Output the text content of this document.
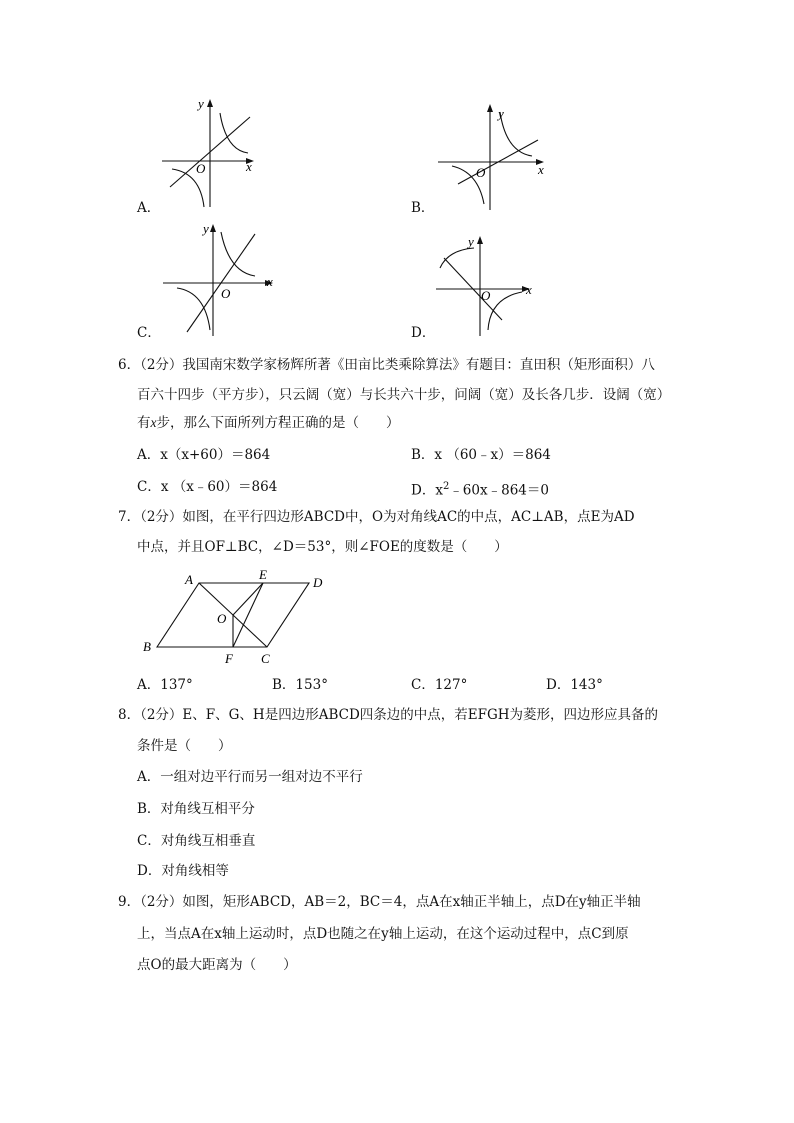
y
x
O
A．
y
x
O
B．
y
x
O
C．
y
x
O
D．
6．（2分）我国南宋数学家杨辉所著《田亩比类乘除算法》有题目：直田积（矩形面积）八
百六十四步（平方步），只云阔（宽）与长共六十步，问阔（宽）及长各几步．设阔（宽）
有x步，那么下面所列方程正确的是（　　）
A．x（x+60）＝864	B．x （60﹣x）＝864
C．x （x﹣60）＝864	D．$x^2﹣60x﹣864=0$
7．（2分）如图，在平行四边形ABCD中，O为对角线AC的中点，AC⊥AB，点E为AD
中点，并且OF⊥BC，∠D＝53°，则∠FOE的度数是（　　）
A	E
D
O
B
F C
A．137°	B．153°	C．127°	D．143°
8．（2分）E、F、G、H是四边形ABCD四条边的中点，若EFGH为菱形，四边形应具备的
条件是（　　）
A．一组对边平行而另一组对边不平行
B．对角线互相平分
C．对角线互相垂直
D．对角线相等
9．（2分）如图，矩形ABCD，AB＝2，BC＝4，点A在x轴正半轴上，点D在y轴正半轴
上，当点A在x轴上运动时，点D也随之在y轴上运动，在这个运动过程中，点C到原
点O的最大距离为（　　）
